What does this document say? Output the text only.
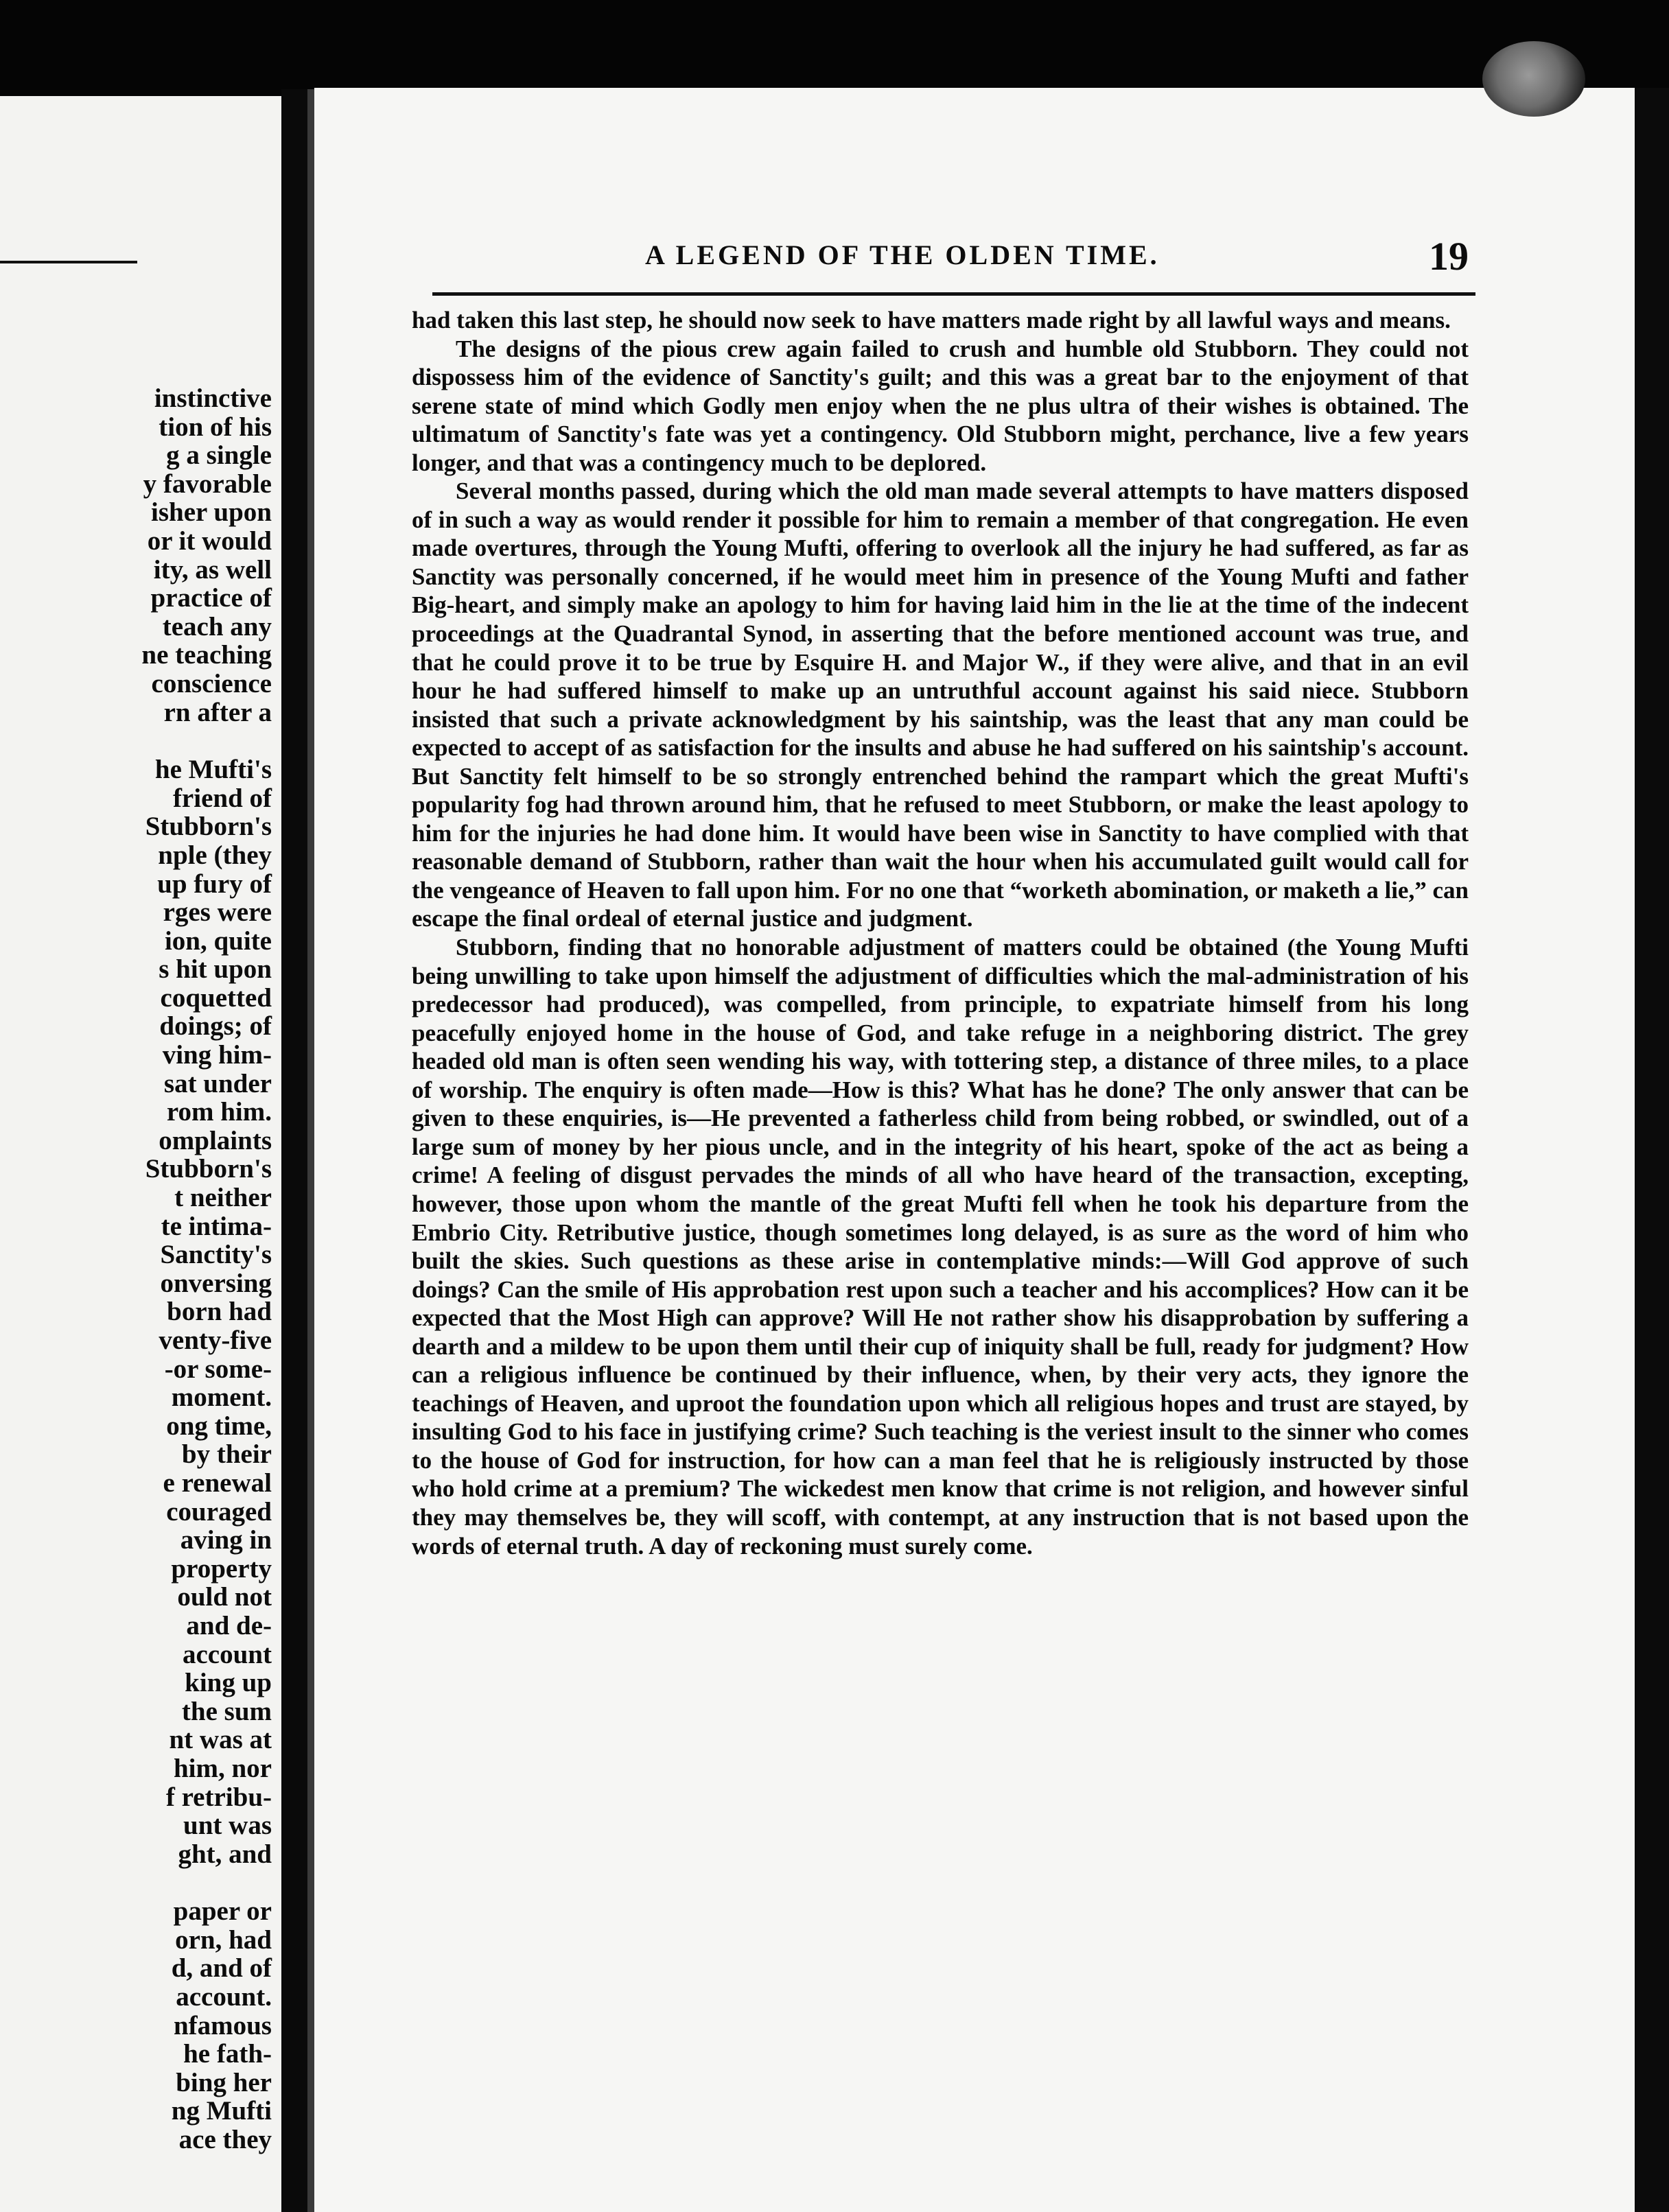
instinctive
tion of his
g a single
y favorable
isher upon
or it would
ity, as well
practice of
teach any
ne teaching
conscience
rn after a
he Mufti's
friend of
Stubborn's
nple (they
up fury of
rges were
ion, quite
s hit upon
coquetted
doings; of
ving him-
sat under
rom him.
omplaints
Stubborn's
t neither
te intima-
Sanctity's
onversing
born had
venty-five
-or some-
moment.
ong time,
by their
e renewal
couraged
aving in
property
ould not
and de-
account
king up
the sum
nt was at
him, nor
f retribu-
unt was
ght, and
paper or
orn, had
d, and of
account.
nfamous
he fath-
bing her
ng Mufti
ace they
A LEGEND OF THE OLDEN TIME.	19

had taken this last step, he should now seek to have matters made right by all lawful ways and means.

The designs of the pious crew again failed to crush and humble old Stubborn. They could not dispossess him of the evidence of Sanctity's guilt; and this was a great bar to the enjoyment of that serene state of mind which Godly men enjoy when the ne plus ultra of their wishes is obtained. The ultimatum of Sanctity's fate was yet a contingency. Old Stubborn might, perchance, live a few years longer, and that was a contingency much to be deplored.

Several months passed, during which the old man made several attempts to have matters disposed of in such a way as would render it possible for him to remain a member of that congregation. He even made overtures, through the Young Mufti, offering to overlook all the injury he had suffered, as far as Sanctity was personally concerned, if he would meet him in presence of the Young Mufti and father Big-heart, and simply make an apology to him for having laid him in the lie at the time of the indecent proceedings at the Quadrantal Synod, in asserting that the before mentioned account was true, and that he could prove it to be true by Esquire H. and Major W., if they were alive, and that in an evil hour he had suffered himself to make up an untruthful account against his said niece. Stubborn insisted that such a private acknowledgment by his saintship, was the least that any man could be expected to accept of as satisfaction for the insults and abuse he had suffered on his saintship's account. But Sanctity felt himself to be so strongly entrenched behind the rampart which the great Mufti's popularity fog had thrown around him, that he refused to meet Stubborn, or make the least apology to him for the injuries he had done him. It would have been wise in Sanctity to have complied with that reasonable demand of Stubborn, rather than wait the hour when his accumulated guilt would call for the vengeance of Heaven to fall upon him. For no one that “worketh abomination, or maketh a lie,” can escape the final ordeal of eternal justice and judgment.

Stubborn, finding that no honorable adjustment of matters could be obtained (the Young Mufti being unwilling to take upon himself the adjustment of difficulties which the mal-administration of his predecessor had produced), was compelled, from principle, to expatriate himself from his long peacefully enjoyed home in the house of God, and take refuge in a neighboring district. The grey headed old man is often seen wending his way, with tottering step, a distance of three miles, to a place of worship. The enquiry is often made—How is this? What has he done? The only answer that can be given to these enquiries, is—He prevented a fatherless child from being robbed, or swindled, out of a large sum of money by her pious uncle, and in the integrity of his heart, spoke of the act as being a crime! A feeling of disgust pervades the minds of all who have heard of the transaction, excepting, however, those upon whom the mantle of the great Mufti fell when he took his departure from the Embrio City. Retributive justice, though sometimes long delayed, is as sure as the word of him who built the skies. Such questions as these arise in contemplative minds:—Will God approve of such doings? Can the smile of His approbation rest upon such a teacher and his accomplices? How can it be expected that the Most High can approve? Will He not rather show his disapprobation by suffering a dearth and a mildew to be upon them until their cup of iniquity shall be full, ready for judgment? How can a religious influence be continued by their influence, when, by their very acts, they ignore the teachings of Heaven, and uproot the foundation upon which all religious hopes and trust are stayed, by insulting God to his face in justifying crime? Such teaching is the veriest insult to the sinner who comes to the house of God for instruction, for how can a man feel that he is religiously instructed by those who hold crime at a premium? The wickedest men know that crime is not religion, and however sinful they may themselves be, they will scoff, with contempt, at any instruction that is not based upon the words of eternal truth. A day of reckoning must surely come.
